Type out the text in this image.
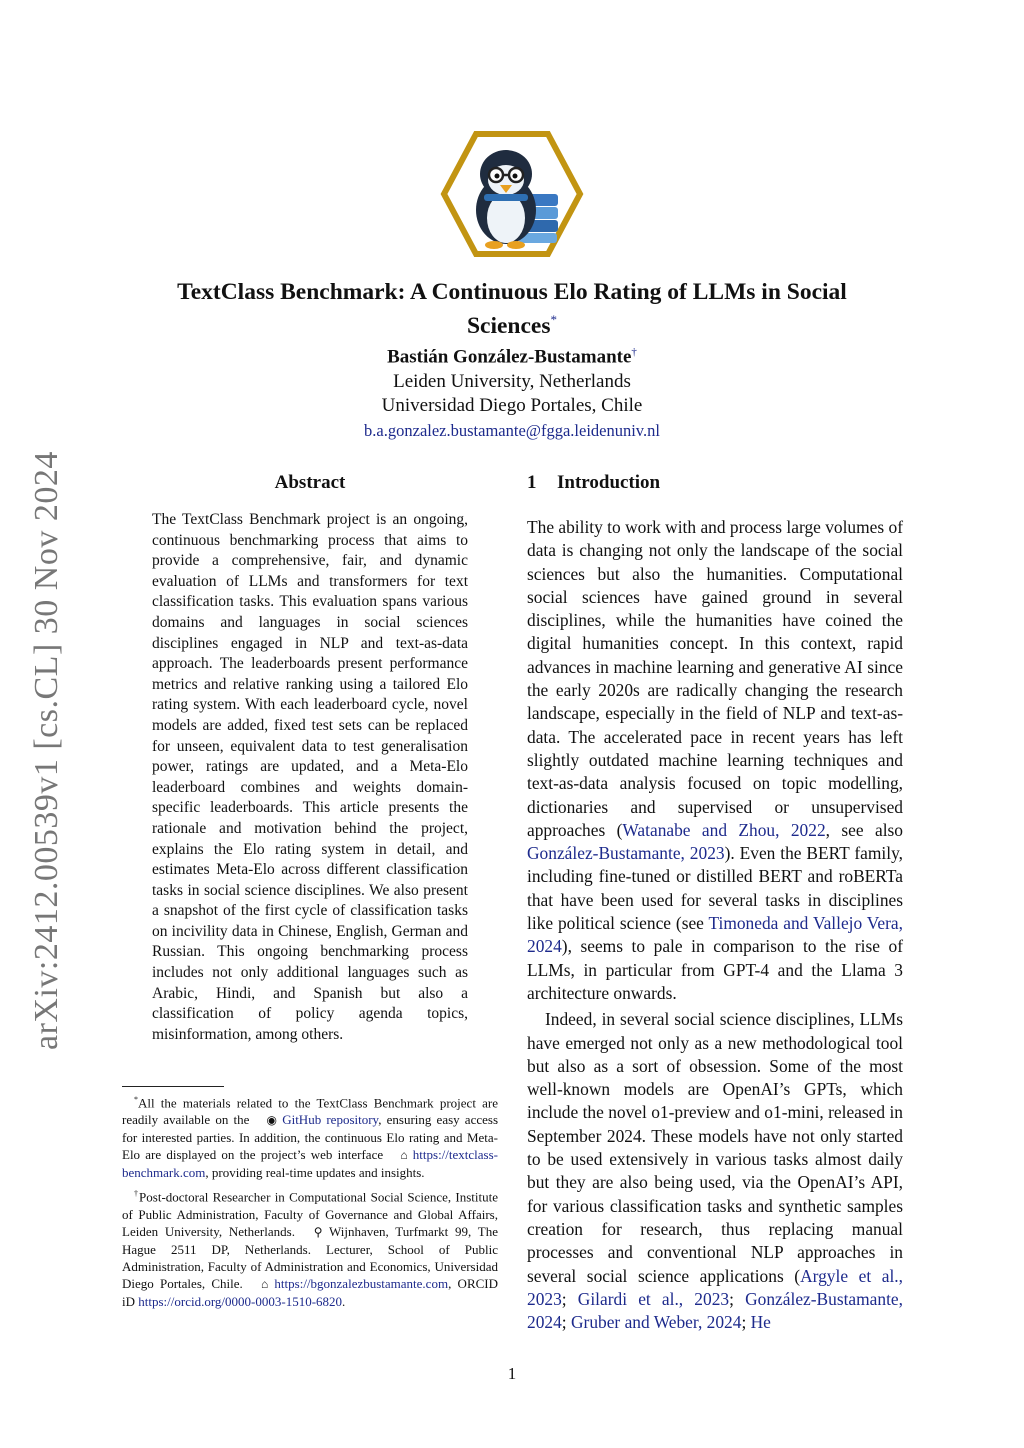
arXiv:2412.00539v1 [cs.CL] 30 Nov 2024
TextClass Benchmark: A Continuous Elo Rating of LLMs in Social
Sciences*
Bastián González-Bustamante†
Leiden University, Netherlands
Universidad Diego Portales, Chile
b.a.gonzalez.bustamante@fgga.leidenuniv.nl
Abstract
The TextClass Benchmark project is an ongoing, continuous benchmarking process that aims to provide a comprehensive, fair, and dynamic evaluation of LLMs and transformers for text classification tasks. This evaluation spans various domains and languages in social sciences disciplines engaged in NLP and text-as-data approach. The leaderboards present performance metrics and relative ranking using a tailored Elo rating system. With each leaderboard cycle, novel models are added, fixed test sets can be replaced for unseen, equivalent data to test generalisation power, ratings are updated, and a Meta-Elo leaderboard combines and weights domain-specific leaderboards. This article presents the rationale and motivation behind the project, explains the Elo rating system in detail, and estimates Meta-Elo across different classification tasks in social science disciplines. We also present a snapshot of the first cycle of classification tasks on incivility data in Chinese, English, German and Russian. This ongoing benchmarking process includes not only additional languages such as Arabic, Hindi, and Spanish but also a classification of policy agenda topics, misinformation, among others.

*All the materials related to the TextClass Benchmark project are readily available on the ◉ GitHub repository, ensuring easy access for interested parties. In addition, the continuous Elo rating and Meta-Elo are displayed on the project’s web interface ⌂ https://textclass-benchmark.com, providing real-time updates and insights.

†Post-doctoral Researcher in Computational Social Science, Institute of Public Administration, Faculty of Governance and Global Affairs, Leiden University, Netherlands. ⚲ Wijnhaven, Turfmarkt 99, The Hague 2511 DP, Netherlands. Lecturer, School of Public Administration, Faculty of Administration and Economics, Universidad Diego Portales, Chile. ⌂ https://bgonzalezbustamante.com, ORCID iD https://orcid.org/0000-0003-1510-6820.

1 Introduction

The ability to work with and process large volumes of data is changing not only the landscape of the social sciences but also the humanities. Computational social sciences have gained ground in several disciplines, while the humanities have coined the digital humanities concept. In this context, rapid advances in machine learning and generative AI since the early 2020s are radically changing the research landscape, especially in the field of NLP and text-as-data. The accelerated pace in recent years has left slightly outdated machine learning techniques and text-as-data analysis focused on topic modelling, dictionaries and supervised or unsupervised approaches (Watanabe and Zhou, 2022, see also González-Bustamante, 2023). Even the BERT family, including fine-tuned or distilled BERT and roBERTa that have been used for several tasks in disciplines like political science (see Timoneda and Vallejo Vera, 2024), seems to pale in comparison to the rise of LLMs, in particular from GPT-4 and the Llama 3 architecture onwards.

Indeed, in several social science disciplines, LLMs have emerged not only as a new methodological tool but also as a sort of obsession. Some of the most well-known models are OpenAI’s GPTs, which include the novel o1-preview and o1-mini, released in September 2024. These models have not only started to be used extensively in various tasks almost daily but they are also being used, via the OpenAI’s API, for various classification tasks and synthetic samples creation for research, thus replacing manual processes and conventional NLP approaches in several social science applications (Argyle et al., 2023; Gilardi et al., 2023; González-Bustamante, 2024; Gruber and Weber, 2024; He

1
